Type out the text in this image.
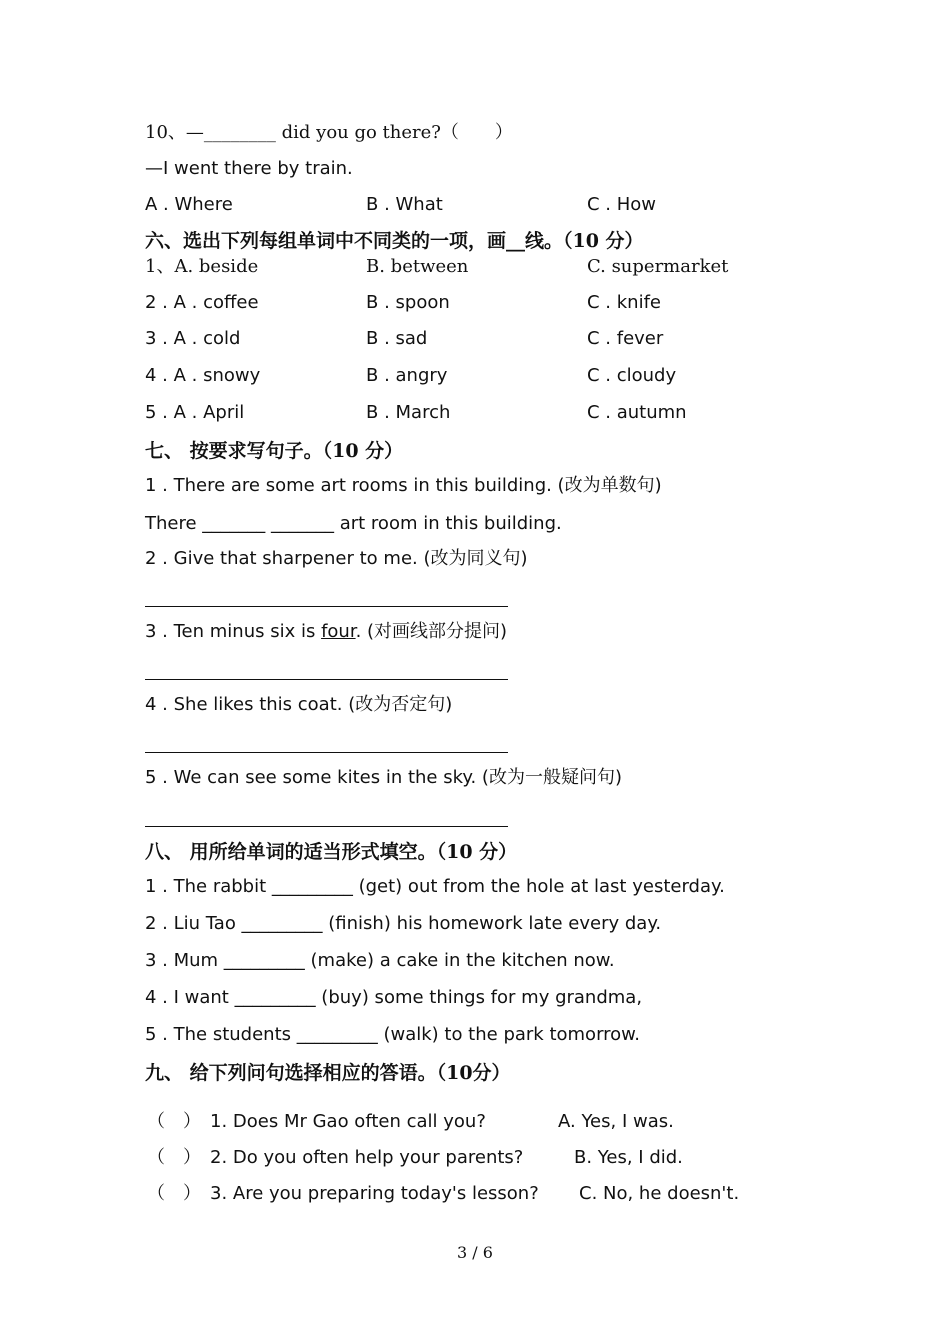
10、—________ did you go there?（　　）
—I went there by train.
A . Where	B . What	C . How
六、选出下列每组单词中不同类的一项，画__线。（10 分）
1、A. beside	B. between	C. supermarket
2 . A . coffee	B . spoon	C . knife
3 . A . cold	B . sad	C . fever
4 . A . snowy	B . angry	C . cloudy
5 . A . April	B . March	C . autumn
七、 按要求写句子。（10 分）
1 . There are some art rooms in this building. (改为单数句)
There _______ _______ art room in this building.
2 . Give that sharpener to me. (改为同义句)
3 . Ten minus six is four. (对画线部分提问)
4 . She likes this coat. (改为否定句)
5 . We can see some kites in the sky. (改为一般疑问句)
八、 用所给单词的适当形式填空。（10 分）
1 . The rabbit _________ (get) out from the hole at last yesterday.
2 . Liu Tao _________ (finish) his homework late every day.
3 . Mum _________ (make) a cake in the kitchen now.
4 . I want _________ (buy) some things for my grandma,
5 . The students _________ (walk) to the park tomorrow.
九、 给下列问句选择相应的答语。（10分）
（　） 1. Does Mr Gao often call you?	A. Yes, I was.
（　） 2. Do you often help your parents?	B. Yes, I did.
（　） 3. Are you preparing today's lesson? C. No, he doesn't.
3 / 6
